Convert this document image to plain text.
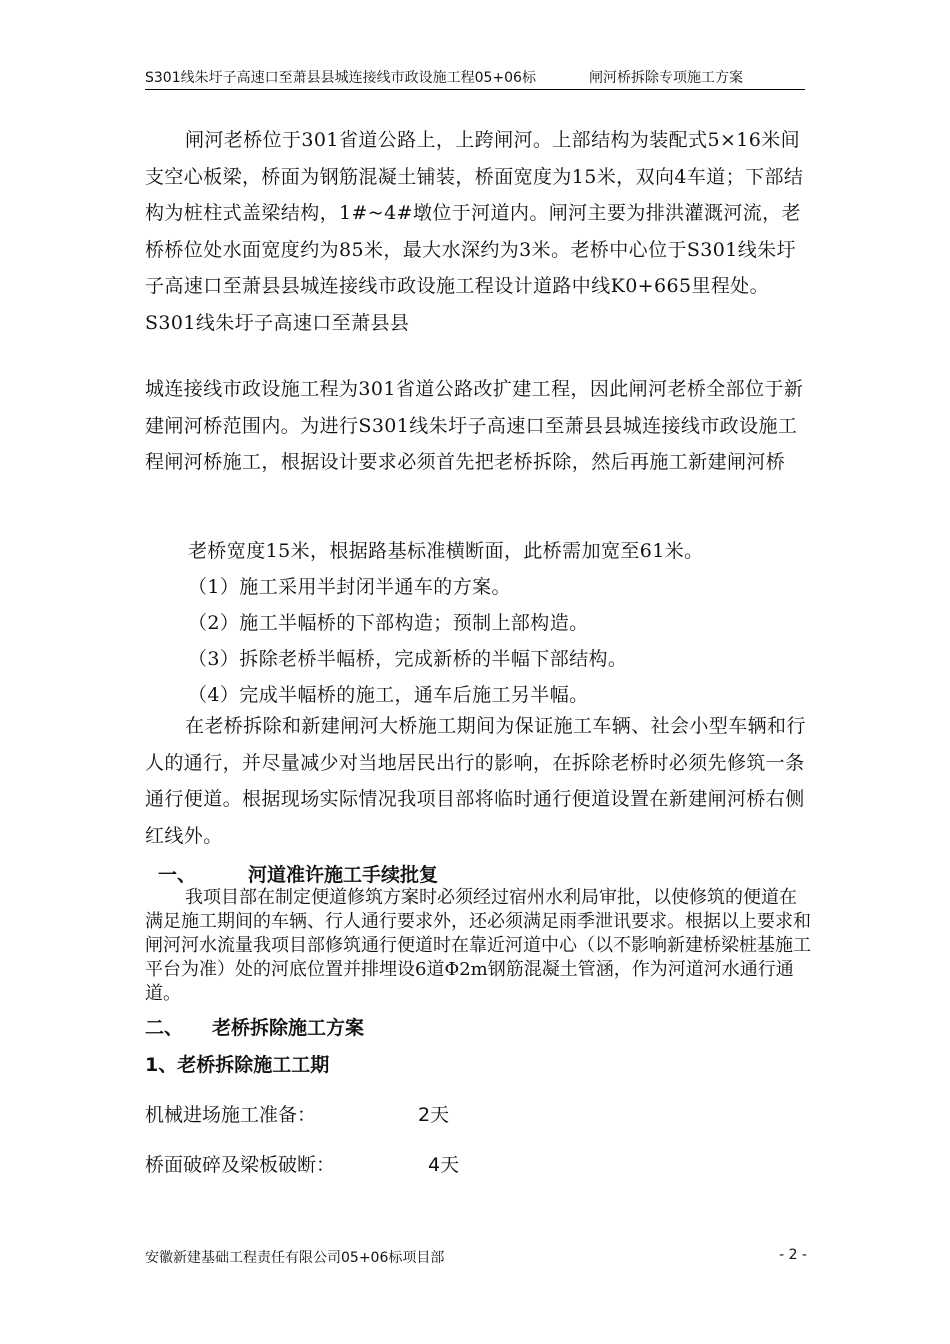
S301线朱圩子高速口至萧县县城连接线市政设施工程05+06标	闸河桥拆除专项施工方案
闸河老桥位于301省道公路上，上跨闸河。上部结构为装配式5×16米间支空心板梁，桥面为钢筋混凝土铺装，桥面宽度为15米，双向4车道；下部结构为桩柱式盖梁结构，1#~4#墩位于河道内。闸河主要为排洪灌溉河流，老桥桥位处水面宽度约为85米，最大水深约为3米。老桥中心位于S301线朱圩子高速口至萧县县城连接线市政设施工程设计道路中线K0+665里程处。S301线朱圩子高速口至萧县县
城连接线市政设施工程为301省道公路改扩建工程，因此闸河老桥全部位于新建闸河桥范围内。为进行S301线朱圩子高速口至萧县县城连接线市政设施工程闸河桥施工，根据设计要求必须首先把老桥拆除，然后再施工新建闸河桥
老桥宽度15米，根据路基标准横断面，此桥需加宽至61米。
（1）施工采用半封闭半通车的方案。
（2）施工半幅桥的下部构造；预制上部构造。
（3）拆除老桥半幅桥，完成新桥的半幅下部结构。
（4）完成半幅桥的施工，通车后施工另半幅。
在老桥拆除和新建闸河大桥施工期间为保证施工车辆、社会小型车辆和行人的通行，并尽量减少对当地居民出行的影响，在拆除老桥时必须先修筑一条通行便道。根据现场实际情况我项目部将临时通行便道设置在新建闸河桥右侧红线外。
一、	河道准许施工手续批复
我项目部在制定便道修筑方案时必须经过宿州水利局审批，以使修筑的便道在满足施工期间的车辆、行人通行要求外，还必须满足雨季泄讯要求。根据以上要求和闸河河水流量我项目部修筑通行便道时在靠近河道中心（以不影响新建桥梁桩基施工平台为准）处的河底位置并排埋设6道Φ2m钢筋混凝土管涵，作为河道河水通行通道。
二、 老桥拆除施工方案
1、老桥拆除施工工期
机械进场施工准备：	2天
桥面破碎及梁板破断：	4天
安徽新建基础工程责任有限公司05+06标项目部	- 2 -
